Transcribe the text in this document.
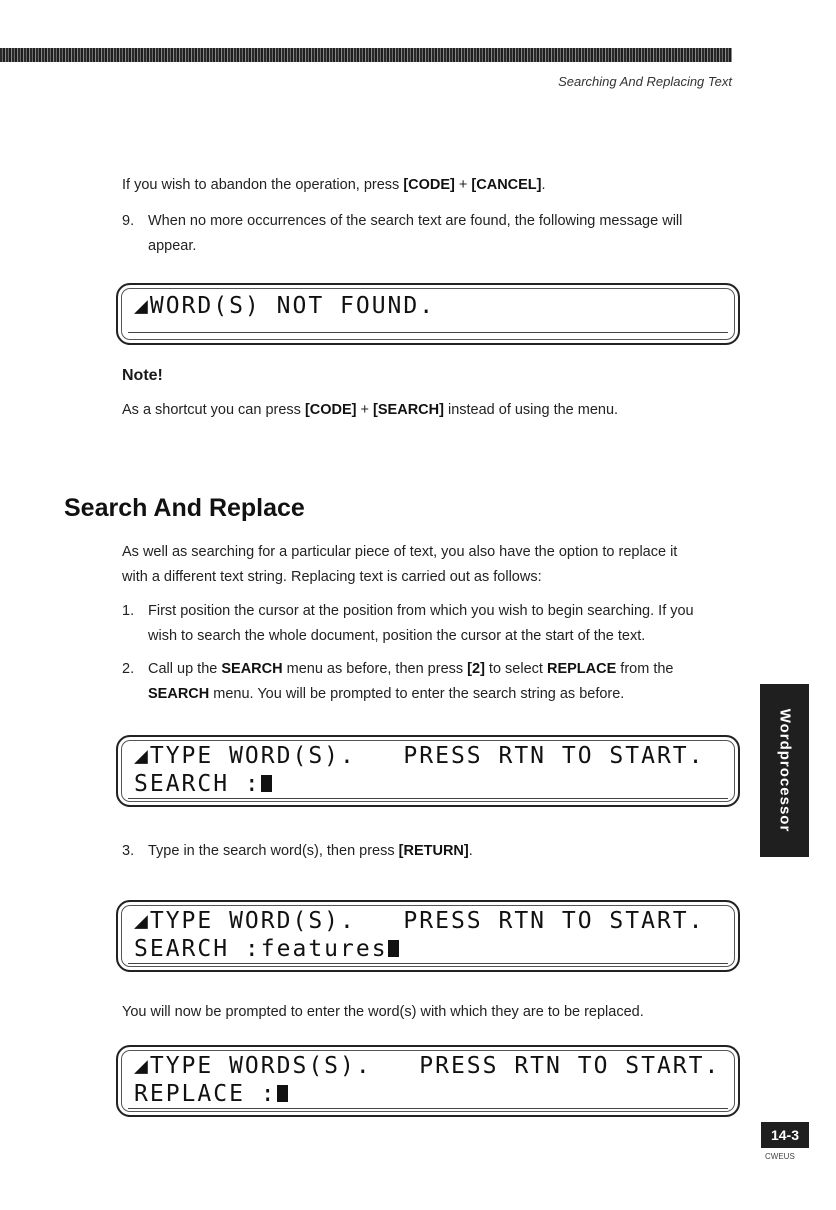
Searching And Replacing Text
If you wish to abandon the operation, press [CODE] + [CANCEL].
9. When no more occurrences of the search text are found, the following message will
appear.
◢WORD(S) NOT FOUND.
Note!
As a shortcut you can press [CODE] + [SEARCH] instead of using the menu.
Search And Replace
As well as searching for a particular piece of text, you also have the option to replace it
with a different text string. Replacing text is carried out as follows:
1. First position the cursor at the position from which you wish to begin searching. If you
wish to search the whole document, position the cursor at the start of the text.
2. Call up the SEARCH menu as before, then press [2] to select REPLACE from the
SEARCH menu. You will be prompted to enter the search string as before.
◢TYPE WORD(S).   PRESS RTN TO START.
SEARCH :
3. Type in the search word(s), then press [RETURN].
◢TYPE WORD(S).   PRESS RTN TO START.
SEARCH :features
You will now be prompted to enter the word(s) with which they are to be replaced.
◢TYPE WORDS(S).   PRESS RTN TO START.
REPLACE :
Wordprocessor
14-3
CWEUS
